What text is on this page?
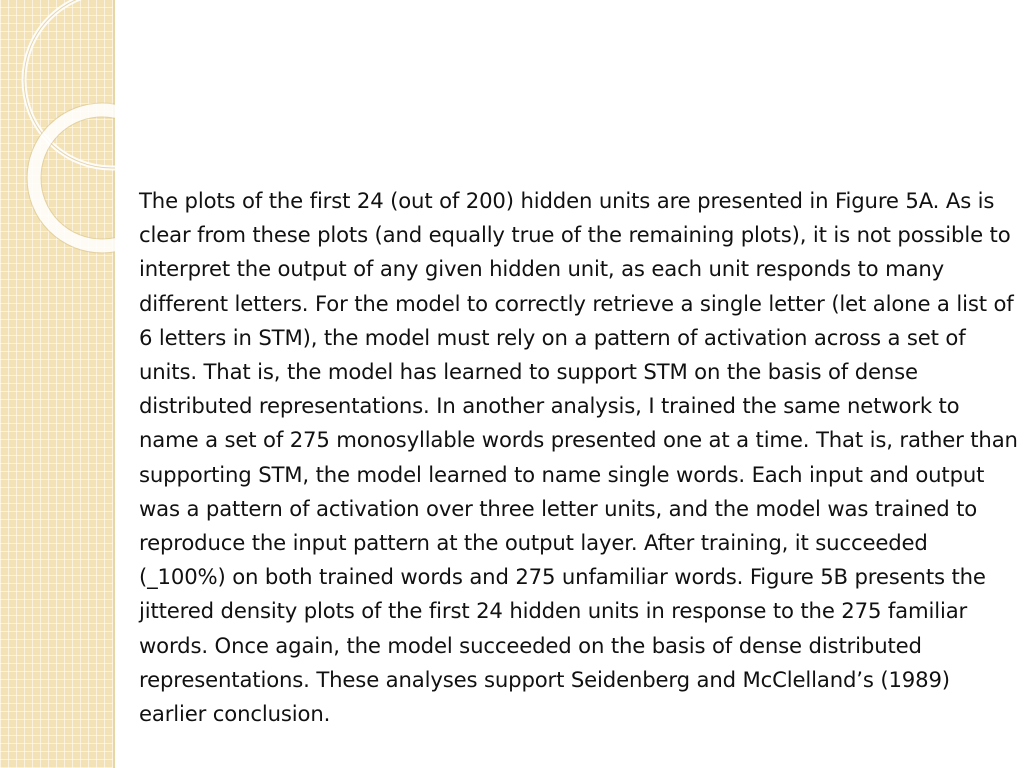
The plots of the first 24 (out of 200) hidden units are presented in Figure 5A. As is clear from these plots (and equally true of the remaining plots), it is not possible to interpret the output of any given hidden unit, as each unit responds to many different letters. For the model to correctly retrieve a single letter (let alone a list of 6 letters in STM), the model must rely on a pattern of activation across a set of units. That is, the model has learned to support STM on the basis of dense distributed representations. In another analysis, I trained the same network to name a set of 275 monosyllable words presented one at a time. That is, rather than supporting STM, the model learned to name single words. Each input and output was a pattern of activation over three letter units, and the model was trained to reproduce the input pattern at the output layer. After training, it succeeded (_100%) on both trained words and 275 unfamiliar words. Figure 5B presents the jittered density plots of the first 24 hidden units in response to the 275 familiar words. Once again, the model succeeded on the basis of dense distributed representations. These analyses support Seidenberg and McClelland’s (1989) earlier conclusion.
